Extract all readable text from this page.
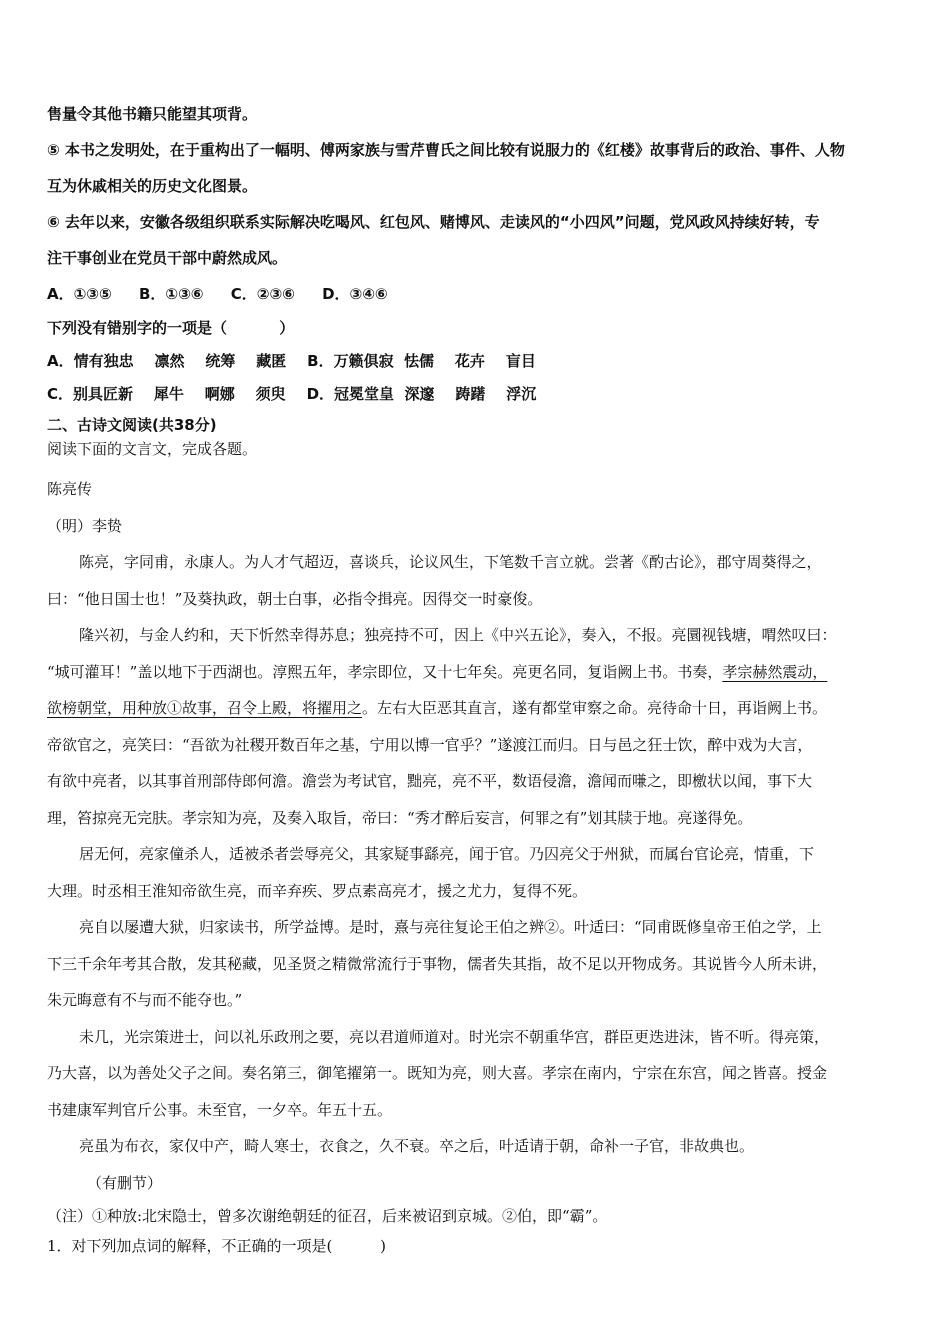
售量令其他书籍只能望其项背。
⑤ 本书之发明处，在于重构出了一幅明、傅两家族与雪芹曹氏之间比较有说服力的《红楼》故事背后的政治、事件、人物
互为休戚相关的历史文化图景。
⑥ 去年以来，安徽各级组织联系实际解决吃喝风、红包风、赌博风、走读风的“小四风”问题，党风政风持续好转，专
注干事创业在党员干部中蔚然成风。
A．①③⑤ B．①③⑥ C．②③⑥ D．③④⑥
下列没有错别字的一项是（          ）
A．情有独忠    凛然    统筹    藏匿    B．万籁俱寂  怯儒    花卉    盲目
C．别具匠新    犀牛    啊娜    须臾    D．冠冕堂皇  深邃    踌躇    浮沉
二、古诗文阅读(共38分)
阅读下面的文言文，完成各题。
陈亮传
（明）李贽
陈亮，字同甫，永康人。为人才气超迈，喜谈兵，论议风生，下笔数千言立就。尝著《酌古论》，郡守周葵得之，
曰：“他日国士也！”及葵执政，朝士白事，必指令揖亮。因得交一时豪俊。
隆兴初，与金人约和，天下忻然幸得苏息；独亮持不可，因上《中兴五论》，奏入，不报。亮圜视钱塘，喟然叹曰：
“城可灌耳！”盖以地下于西湖也。淳熙五年，孝宗即位，又十七年矣。亮更名同，复诣阙上书。书奏，孝宗赫然震动，
欲榜朝堂，用种放①故事，召令上殿，将擢用之。左右大臣恶其直言，遂有都堂审察之命。亮待命十日，再诣阙上书。
帝欲官之，亮笑曰：“吾欲为社稷开数百年之基，宁用以博一官乎？”遂渡江而归。日与邑之狂士饮，醉中戏为大言，
有欲中亮者，以其事首刑部侍郎何澹。澹尝为考试官，黜亮，亮不平，数语侵澹，澹闻而嗛之，即檄状以闻，事下大
理，笞掠亮无完肤。孝宗知为亮，及奏入取旨，帝曰：“秀才醉后妄言，何罪之有”划其牍于地。亮遂得免。
居无何，亮家僮杀人，适被杀者尝辱亮父，其家疑事繇亮，闻于官。乃囚亮父于州狱，而属台官论亮，情重，下
大理。时丞相王淮知帝欲生亮，而辛弃疾、罗点素高亮才，援之尤力，复得不死。
亮自以屡遭大狱，归家读书，所学益博。是时，熹与亮往复论王伯之辨②。叶适曰：“同甫既修皇帝王伯之学，上
下三千余年考其合散，发其秘藏，见圣贤之精微常流行于事物，儒者失其指，故不足以开物成务。其说皆今人所未讲，
朱元晦意有不与而不能夺也。”
未几，光宗策进士，问以礼乐政刑之要，亮以君道师道对。时光宗不朝重华宫，群臣更迭进沫，皆不听。得亮策，
乃大喜，以为善处父子之间。奏名第三，御笔擢第一。既知为亮，则大喜。孝宗在南内，宁宗在东宫，闻之皆喜。授金
书建康军判官斤公事。未至官，一夕卒。年五十五。
亮虽为布衣，家仅中产，畸人寒士，衣食之，久不衰。卒之后，叶适请于朝，命补一子官，非故典也。
（有删节）
（注）①种放:北宋隐士，曾多次谢绝朝廷的征召，后来被诏到京城。②伯，即“霸”。
1．对下列加点词的解释，不正确的一项是(          )
